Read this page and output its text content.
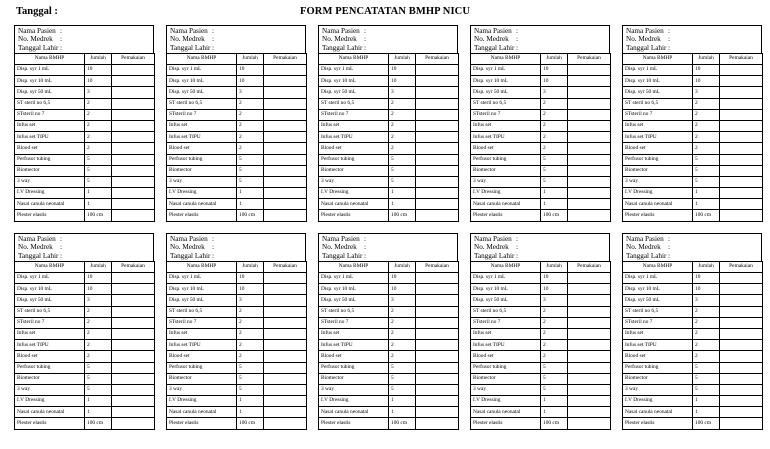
Tanggal :	FORM PENCATATAN BMHP NICU
Nama Pasien :
No. Medrek	:
Tanggal Lahir :
Nama BMHP	Jumlah	Pemakaian
Disp. syr 1 mL	10	
Disp. syr 10 mL	10	
Disp. syr 50 mL	3	
ST steril no 6,5	2	
STsteril no 7	2	
Infus set	2	
Infus set TIPU	2	
Blood set	2	
Perfusor tubing	5	
Biomector	5	
3 way	5	
I.V Dressing	1	
Nasal canula neonatal	1	
Plester elastis	100 cm	
Nama Pasien :
No. Medrek	:
Tanggal Lahir :
Nama BMHP	Jumlah	Pemakaian
Disp. syr 1 mL	10	
Disp. syr 10 mL	10	
Disp. syr 50 mL	3	
ST steril no 6,5	2	
STsteril no 7	2	
Infus set	2	
Infus set TIPU	2	
Blood set	2	
Perfusor tubing	5	
Biomector	5	
3 way	5	
I.V Dressing	1	
Nasal canula neonatal	1	
Plester elastis	100 cm	
Nama Pasien :
No. Medrek	:
Tanggal Lahir :
Nama BMHP	Jumlah	Pemakaian
Disp. syr 1 mL	10	
Disp. syr 10 mL	10	
Disp. syr 50 mL	3	
ST steril no 6,5	2	
STsteril no 7	2	
Infus set	2	
Infus set TIPU	2	
Blood set	2	
Perfusor tubing	5	
Biomector	5	
3 way	5	
I.V Dressing	1	
Nasal canula neonatal	1	
Plester elastis	100 cm	
Nama Pasien :
No. Medrek	:
Tanggal Lahir :
Nama BMHP	Jumlah	Pemakaian
Disp. syr 1 mL	10	
Disp. syr 10 mL	10	
Disp. syr 50 mL	3	
ST steril no 6,5	2	
STsteril no 7	2	
Infus set	2	
Infus set TIPU	2	
Blood set	2	
Perfusor tubing	5	
Biomector	5	
3 way	5	
I.V Dressing	1	
Nasal canula neonatal	1	
Plester elastis	100 cm	
Nama Pasien :
No. Medrek	:
Tanggal Lahir :
Nama BMHP	Jumlah	Pemakaian
Disp. syr 1 mL	10	
Disp. syr 10 mL	10	
Disp. syr 50 mL	3	
ST steril no 6,5	2	
STsteril no 7	2	
Infus set	2	
Infus set TIPU	2	
Blood set	2	
Perfusor tubing	5	
Biomector	5	
3 way	5	
I.V Dressing	1	
Nasal canula neonatal	1	
Plester elastis	100 cm	
Nama Pasien :
No. Medrek	:
Tanggal Lahir :
Nama BMHP	Jumlah	Pemakaian
Disp. syr 1 mL	10	
Disp. syr 10 mL	10	
Disp. syr 50 mL	3	
ST steril no 6,5	2	
STsteril no 7	2	
Infus set	2	
Infus set TIPU	2	
Blood set	2	
Perfusor tubing	5	
Biomector	5	
3 way	5	
I.V Dressing	1	
Nasal canula neonatal	1	
Plester elastis	100 cm	
Nama Pasien :
No. Medrek	:
Tanggal Lahir :
Nama BMHP	Jumlah	Pemakaian
Disp. syr 1 mL	10	
Disp. syr 10 mL	10	
Disp. syr 50 mL	3	
ST steril no 6,5	2	
STsteril no 7	2	
Infus set	2	
Infus set TIPU	2	
Blood set	2	
Perfusor tubing	5	
Biomector	5	
3 way	5	
I.V Dressing	1	
Nasal canula neonatal	1	
Plester elastis	100 cm	
Nama Pasien :
No. Medrek	:
Tanggal Lahir :
Nama BMHP	Jumlah	Pemakaian
Disp. syr 1 mL	10	
Disp. syr 10 mL	10	
Disp. syr 50 mL	3	
ST steril no 6,5	2	
STsteril no 7	2	
Infus set	2	
Infus set TIPU	2	
Blood set	2	
Perfusor tubing	5	
Biomector	5	
3 way	5	
I.V Dressing	1	
Nasal canula neonatal	1	
Plester elastis	100 cm	
Nama Pasien :
No. Medrek	:
Tanggal Lahir :
Nama BMHP	Jumlah	Pemakaian
Disp. syr 1 mL	10	
Disp. syr 10 mL	10	
Disp. syr 50 mL	3	
ST steril no 6,5	2	
STsteril no 7	2	
Infus set	2	
Infus set TIPU	2	
Blood set	2	
Perfusor tubing	5	
Biomector	5	
3 way	5	
I.V Dressing	1	
Nasal canula neonatal	1	
Plester elastis	100 cm	
Nama Pasien :
No. Medrek	:
Tanggal Lahir :
Nama BMHP	Jumlah	Pemakaian
Disp. syr 1 mL	10	
Disp. syr 10 mL	10	
Disp. syr 50 mL	3	
ST steril no 6,5	2	
STsteril no 7	2	
Infus set	2	
Infus set TIPU	2	
Blood set	2	
Perfusor tubing	5	
Biomector	5	
3 way	5	
I.V Dressing	1	
Nasal canula neonatal	1	
Plester elastis	100 cm	
